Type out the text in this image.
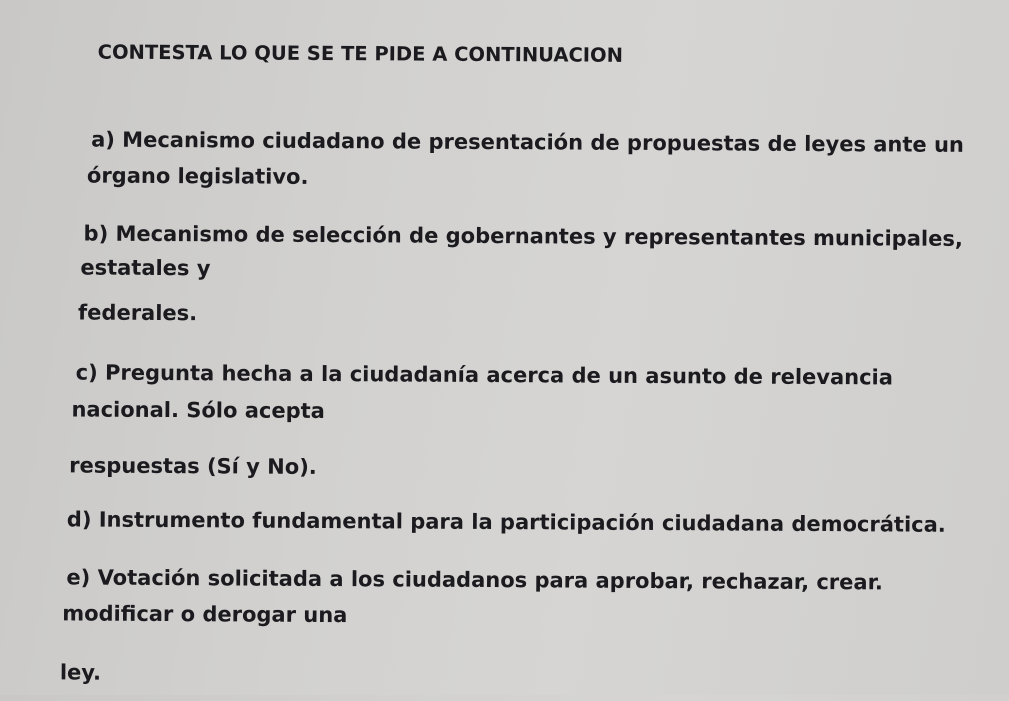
CONTESTA LO QUE SE TE PIDE A CONTINUACION

a) Mecanismo ciudadano de presentación de propuestas de leyes ante un

órgano legislativo.

b) Mecanismo de selección de gobernantes y representantes municipales,

estatales y

federales.

c) Pregunta hecha a la ciudadanía acerca de un asunto de relevancia

nacional. Sólo acepta

respuestas (Sí y No).

d) Instrumento fundamental para la participación ciudadana democrática.

e) Votación solicitada a los ciudadanos para aprobar, rechazar, crear.

modificar o derogar una

ley.
